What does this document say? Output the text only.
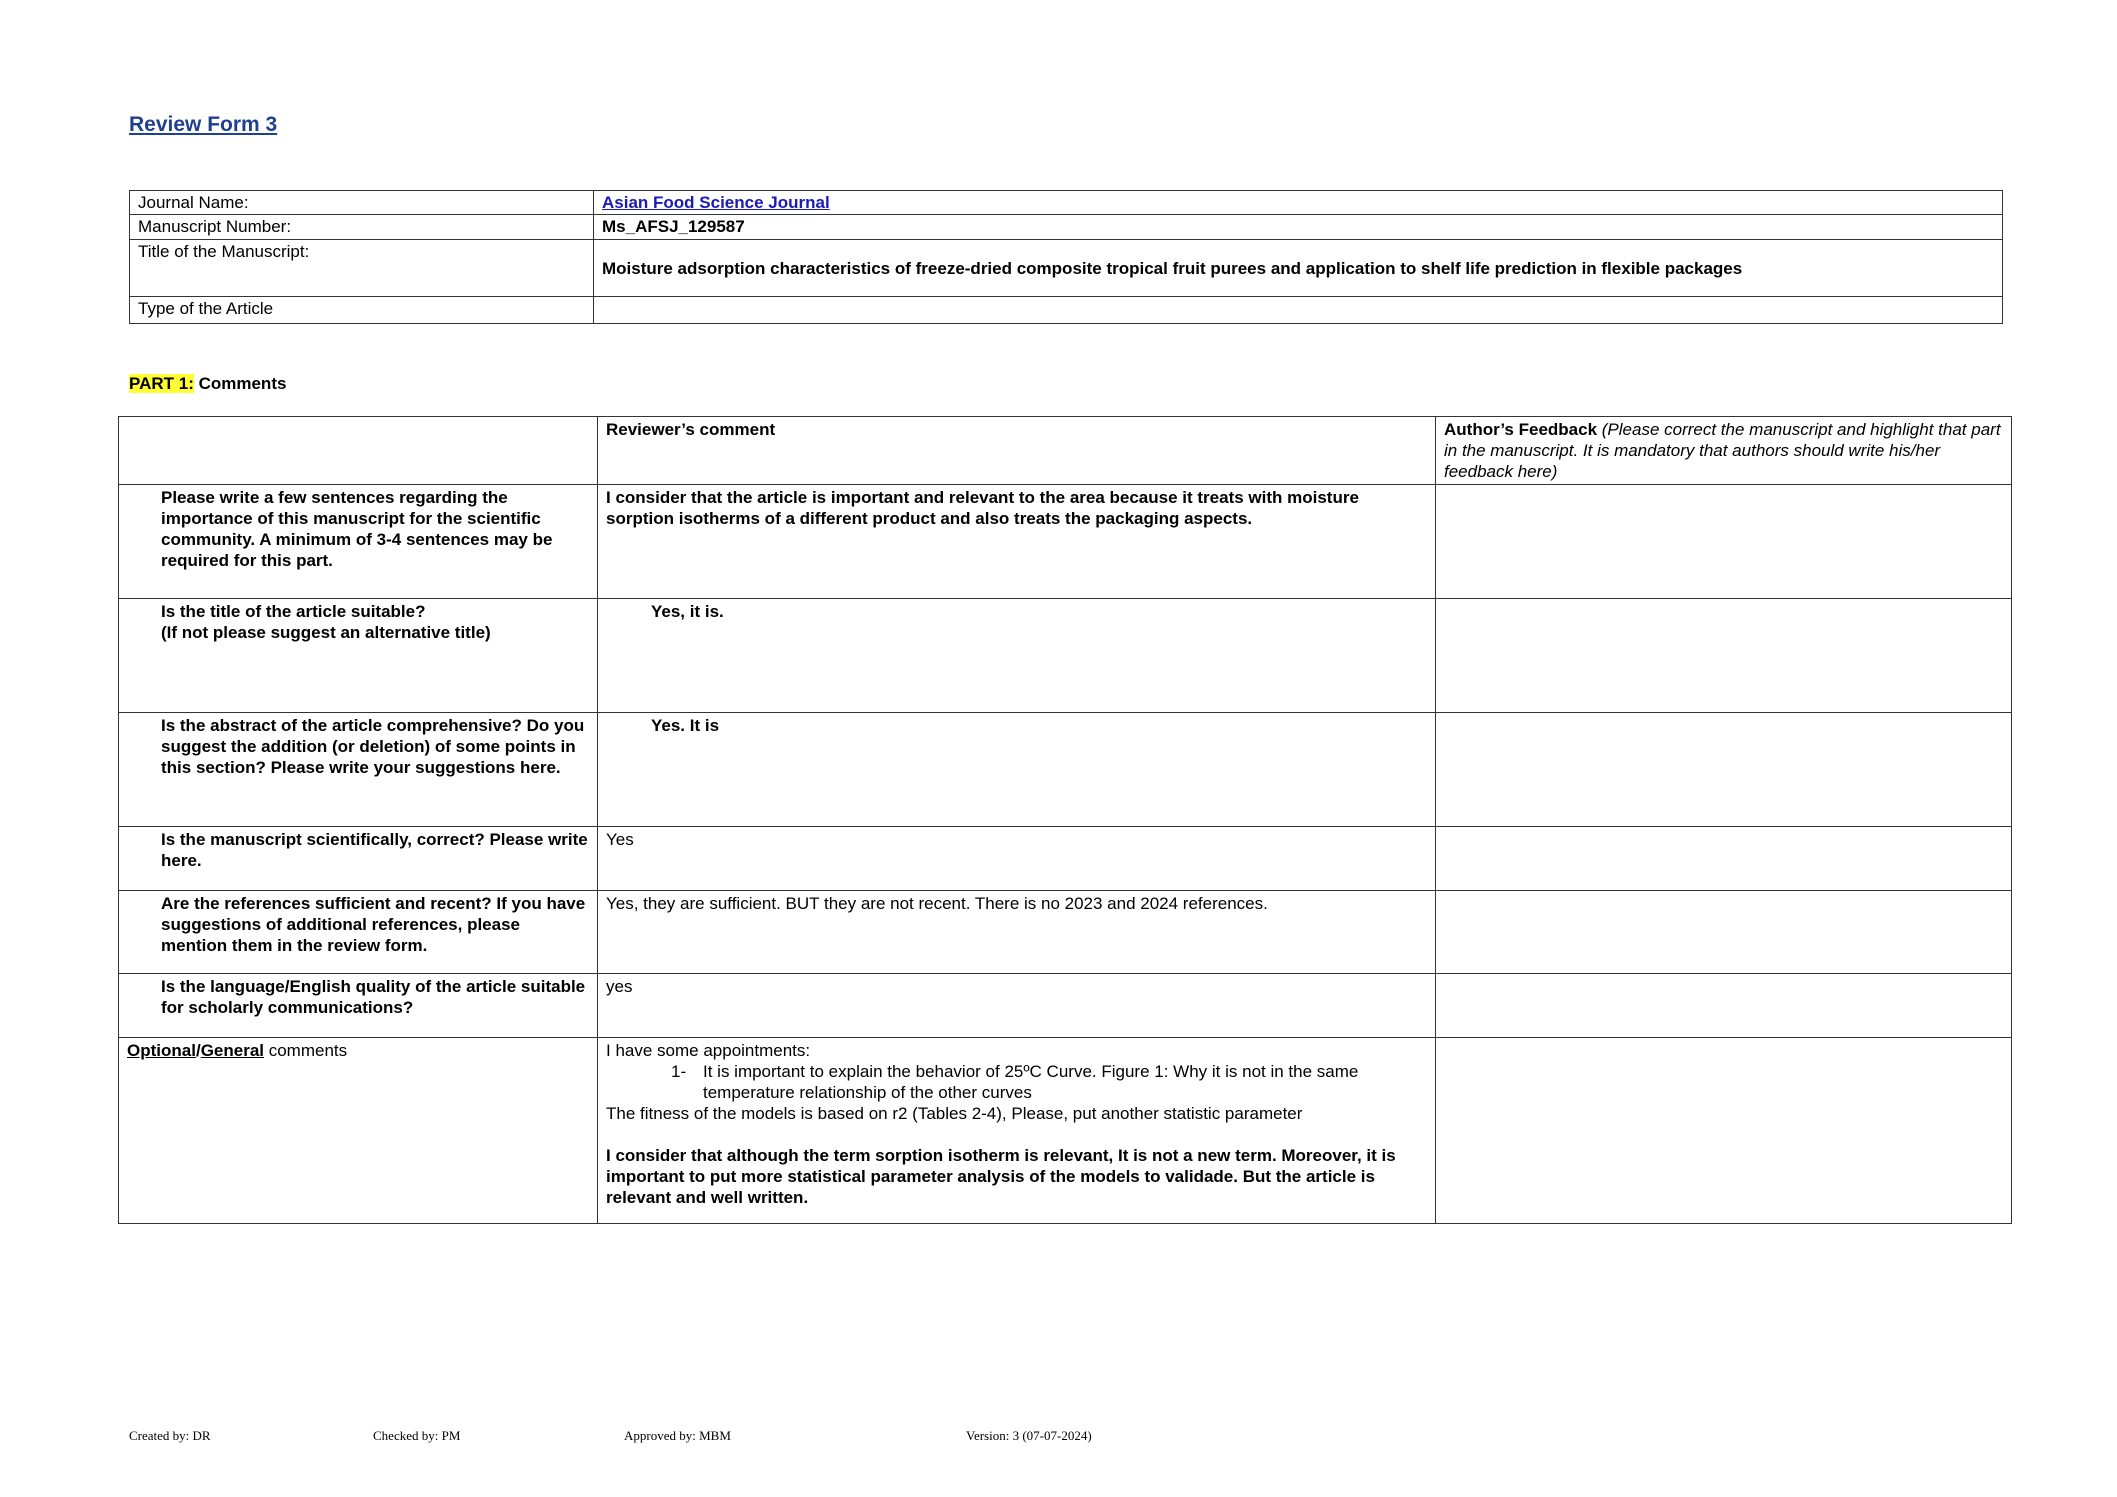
Review Form 3
Journal Name:	Asian Food Science Journal
Manuscript Number:	Ms_AFSJ_129587
Title of the Manuscript:	Moisture adsorption characteristics of freeze-dried composite tropical fruit purees and application to shelf life prediction in flexible packages
Type of the Article	
PART 1: Comments
	Reviewer’s comment	Author’s Feedback (Please correct the manuscript and highlight that part in the manuscript. It is mandatory that authors should write his/her feedback here)
Please write a few sentences regarding the importance of this manuscript for the scientific community. A minimum of 3-4 sentences may be required for this part.	I consider that the article is important and relevant to the area because it treats with moisture sorption isotherms of a different product and also treats the packaging aspects.	
Is the title of the article suitable?
(If not please suggest an alternative title)	Yes, it is.	

Is the abstract of the article comprehensive? Do you suggest the addition (or deletion) of some points in this section? Please write your suggestions here.	Yes. It is	

Is the manuscript scientifically, correct? Please write here.	Yes	
Are the references sufficient and recent? If you have suggestions of additional references, please mention them in the review form.	Yes, they are sufficient. BUT they are not recent. There is no 2023 and 2024 references.	
Is the language/English quality of the article suitable for scholarly communications?	yes	
Optional/General comments	I have some appointments:
1- It is important to explain the behavior of 25ºC Curve. Figure 1: Why it is not in the same temperature relationship of the other curves
The fitness of the models is based on r2 (Tables 2-4), Please, put another statistic parameter
I consider that although the term sorption isotherm is relevant, It is not a new term. Moreover, it is important to put more statistical parameter analysis of the models to validade. But the article is relevant and well written.	

Created by: DR	Checked by: PM	Approved by: MBM	Version: 3 (07-07-2024)
